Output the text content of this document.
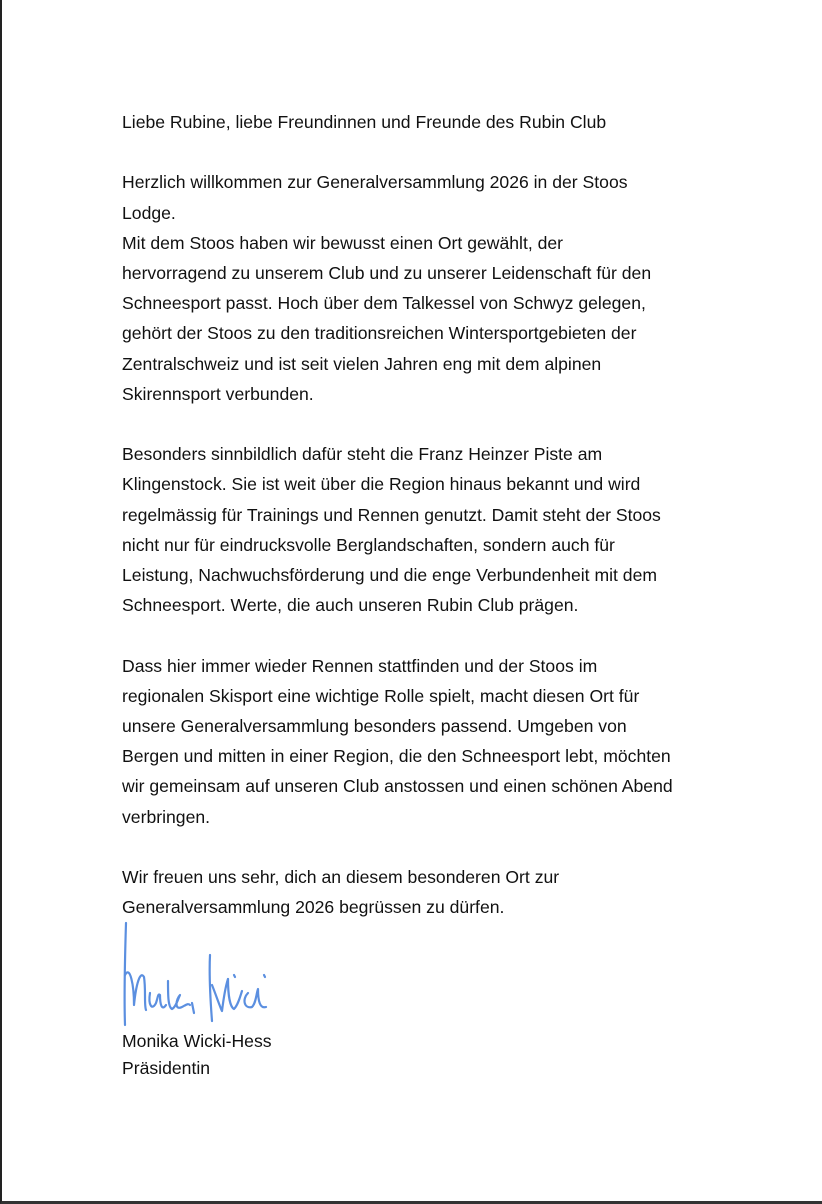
Liebe Rubine, liebe Freundinnen und Freunde des Rubin Club

Herzlich willkommen zur Generalversammlung 2026 in der Stoos

Lodge.

Mit dem Stoos haben wir bewusst einen Ort gewählt, der

hervorragend zu unserem Club und zu unserer Leidenschaft für den

Schneesport passt. Hoch über dem Talkessel von Schwyz gelegen,

gehört der Stoos zu den traditionsreichen Wintersportgebieten der

Zentralschweiz und ist seit vielen Jahren eng mit dem alpinen

Skirennsport verbunden.

Besonders sinnbildlich dafür steht die Franz Heinzer Piste am

Klingenstock. Sie ist weit über die Region hinaus bekannt und wird

regelmässig für Trainings und Rennen genutzt. Damit steht der Stoos

nicht nur für eindrucksvolle Berglandschaften, sondern auch für

Leistung, Nachwuchsförderung und die enge Verbundenheit mit dem

Schneesport. Werte, die auch unseren Rubin Club prägen.

Dass hier immer wieder Rennen stattfinden und der Stoos im

regionalen Skisport eine wichtige Rolle spielt, macht diesen Ort für

unsere Generalversammlung besonders passend. Umgeben von

Bergen und mitten in einer Region, die den Schneesport lebt, möchten

wir gemeinsam auf unseren Club anstossen und einen schönen Abend

verbringen.

Wir freuen uns sehr, dich an diesem besonderen Ort zur

Generalversammlung 2026 begrüssen zu dürfen.

Monika Wicki-Hess
Präsidentin
